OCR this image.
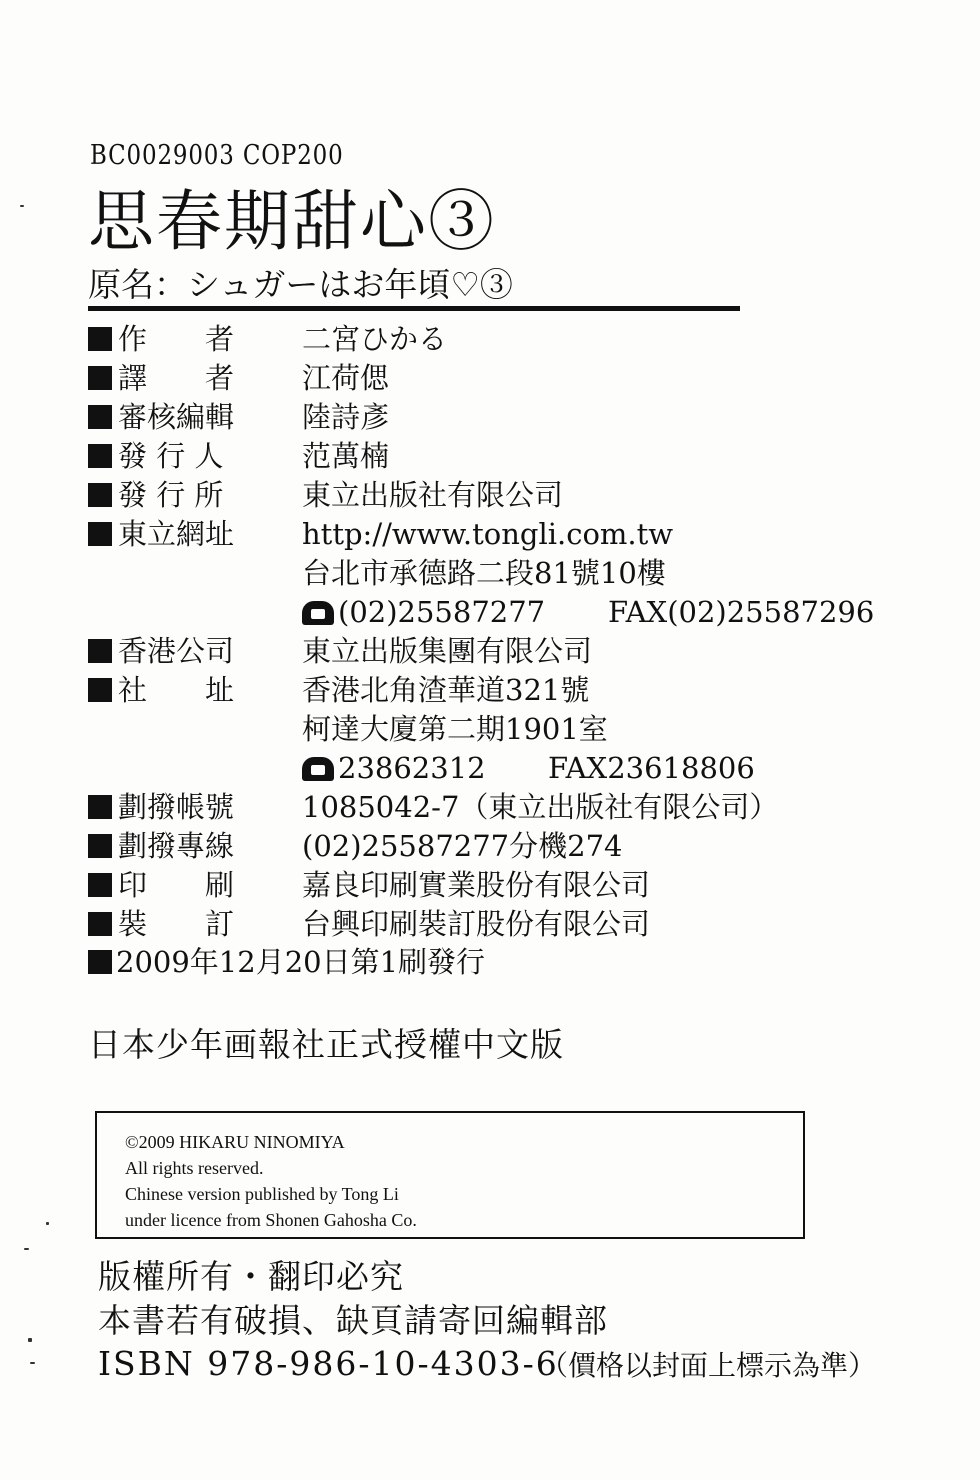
BC0029003 COP200
思春期甜心③
原名：シュガーはお年頃♡③
作　　者	二宮ひかる
譯　　者	江荷偲
審核編輯	陸詩彥
發 行 人	范萬楠
發 行 所	東立出版社有限公司
東立網址	http://www.tongli.com.tw
台北市承德路二段81號10樓
(02)25587277 FAX(02)25587296
香港公司	東立出版集團有限公司
社　　址	香港北角渣華道321號
柯達大廈第二期1901室
23862312 FAX23618806
劃撥帳號	1085042-7（東立出版社有限公司）
劃撥專線	(02)25587277分機274
印　　刷	嘉良印刷實業股份有限公司
裝　　訂	台興印刷裝訂股份有限公司
2009年12月20日第1刷發行
日本少年画報社正式授權中文版

©2009 HIKARU NINOMIYA

All rights reserved.

Chinese version published by Tong Li

under licence from Shonen Gahosha Co.

版權所有・翻印必究
本書若有破損、缺頁請寄回編輯部
ISBN 978-986-10-4303-6
（價格以封面上標示為準）
